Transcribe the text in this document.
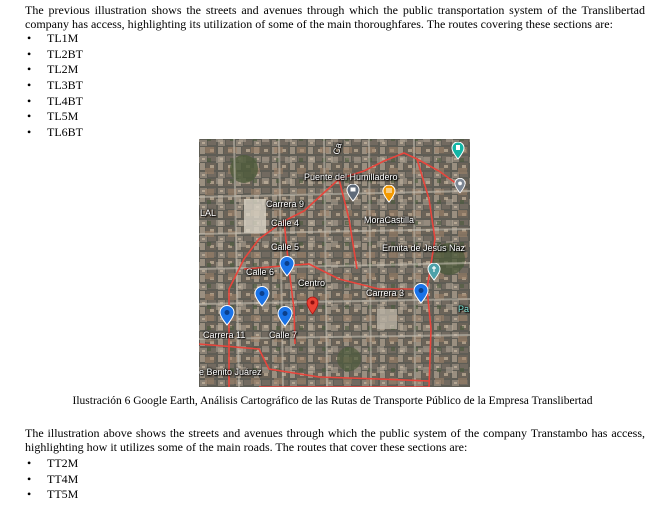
The previous illustration shows the streets and avenues through which the public transportation system of the Translibertad company has access, highlighting its utilization of some of the main thoroughfares. The routes covering these sections are:

• TL1M
• TL2BT
• TL2M
• TL3BT
• TL4BT
• TL5M
• TL6BT
Puente del Humilladero
Carrera 9
Calle 4	MoraCastilla
Calle 5	Ermita de Jesús Naz
Calle 6
Centro
Carrera 3
Carrera 11	Calle 7
e Benito Juárez
LAL
Pa
Ca
Ilustración 6 Google Earth, Análisis Cartográfico de las Rutas de Transporte Público de la Empresa Translibertad

The illustration above shows the streets and avenues through which the public system of the company Transtambo has access, highlighting how it utilizes some of the main roads. The routes that cover these sections are:

• TT2M
• TT4M
• TT5M
